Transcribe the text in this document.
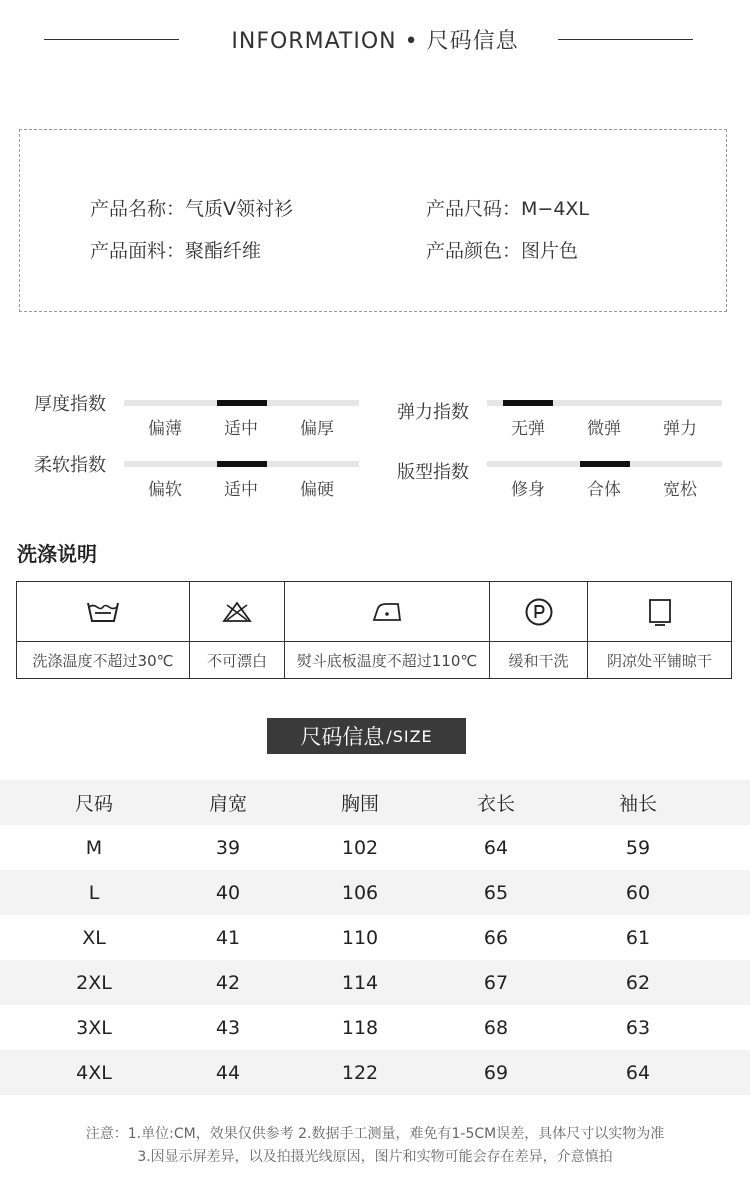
INFORMATION • 尺码信息
产品名称：气质V领衬衫	产品尺码：M−4XL
产品面料：聚酯纤维	产品颜色：图片色
厚度指数
偏薄	适中	偏厚
柔软指数
偏软	适中	偏硬
弹力指数
无弹	微弹	弹力
版型指数
修身	合体	宽松
洗涤说明
洗涤温度不超过30℃	不可漂白	熨斗底板温度不超过110℃	缓和干洗	阴凉处平铺晾干
尺码信息 /SIZE
尺码	肩宽	胸围	衣长	袖长
M	39	102	64	59
L	40	106	65	60
XL	41	110	66	61
2XL	42	114	67	62
3XL	43	118	68	63
4XL	44	122	69	64
注意：1.单位:CM，效果仅供参考 2.数据手工测量，难免有1-5CM误差，具体尺寸以实物为准
3.因显示屏差异，以及拍摄光线原因，图片和实物可能会存在差异，介意慎拍
